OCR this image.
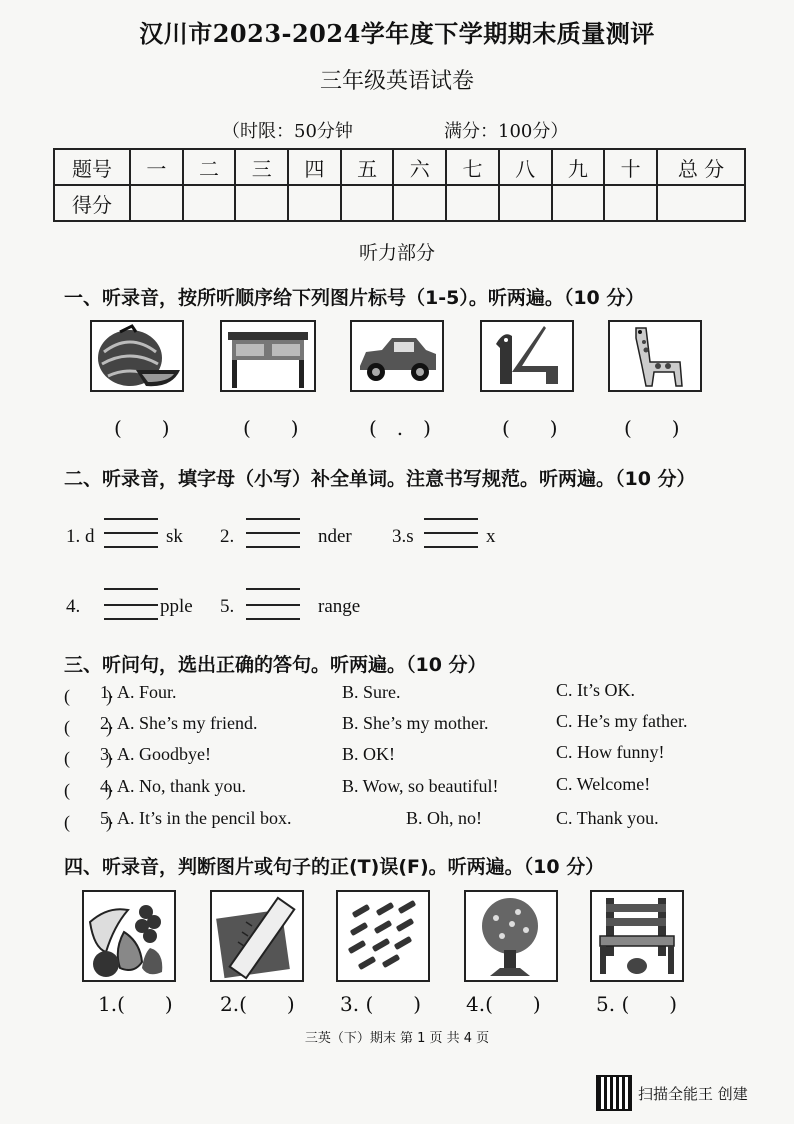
汉川市2023-2024学年度下学期期末质量测评
三年级英语试卷
（时限：50分钟	满分：100分）
题号	一	二	三	四	五	六	七	八	九	十	总 分
得分											
听力部分
一、听录音，按所听顺序给下列图片标号（1-5）。听两遍。（10 分）
(　　)	(　　)	(　.　)	(　　)	(　　)
二、听录音，填字母（小写）补全单词。注意书写规范。听两遍。（10 分）
1. d	sk 2.	nder 3.s	x
4.	pple 5.	range
三、听问句，选出正确的答句。听两遍。（10 分）
(　　)
1. A. Four.	B. Sure.	C. It’s OK.
(　　)
2. A. She’s my friend.	B. She’s my mother.	C. He’s my father.
(　　)
3. A. Goodbye!	B. OK!	C. How funny!
(　　)
4. A. No, thank you.	B. Wow, so beautiful!	C. Welcome!
(　　)
5. A. It’s in the pencil box.	B. Oh, no!	C. Thank you.
四、听录音，判断图片或句子的正(T)误(F)。听两遍。（10 分）
1.(　　) 2.(　　) 3. (　　) 4.(　　)	5. (　　)
三英（下）期末 第 1 页 共 4 页
扫描全能王 创建
